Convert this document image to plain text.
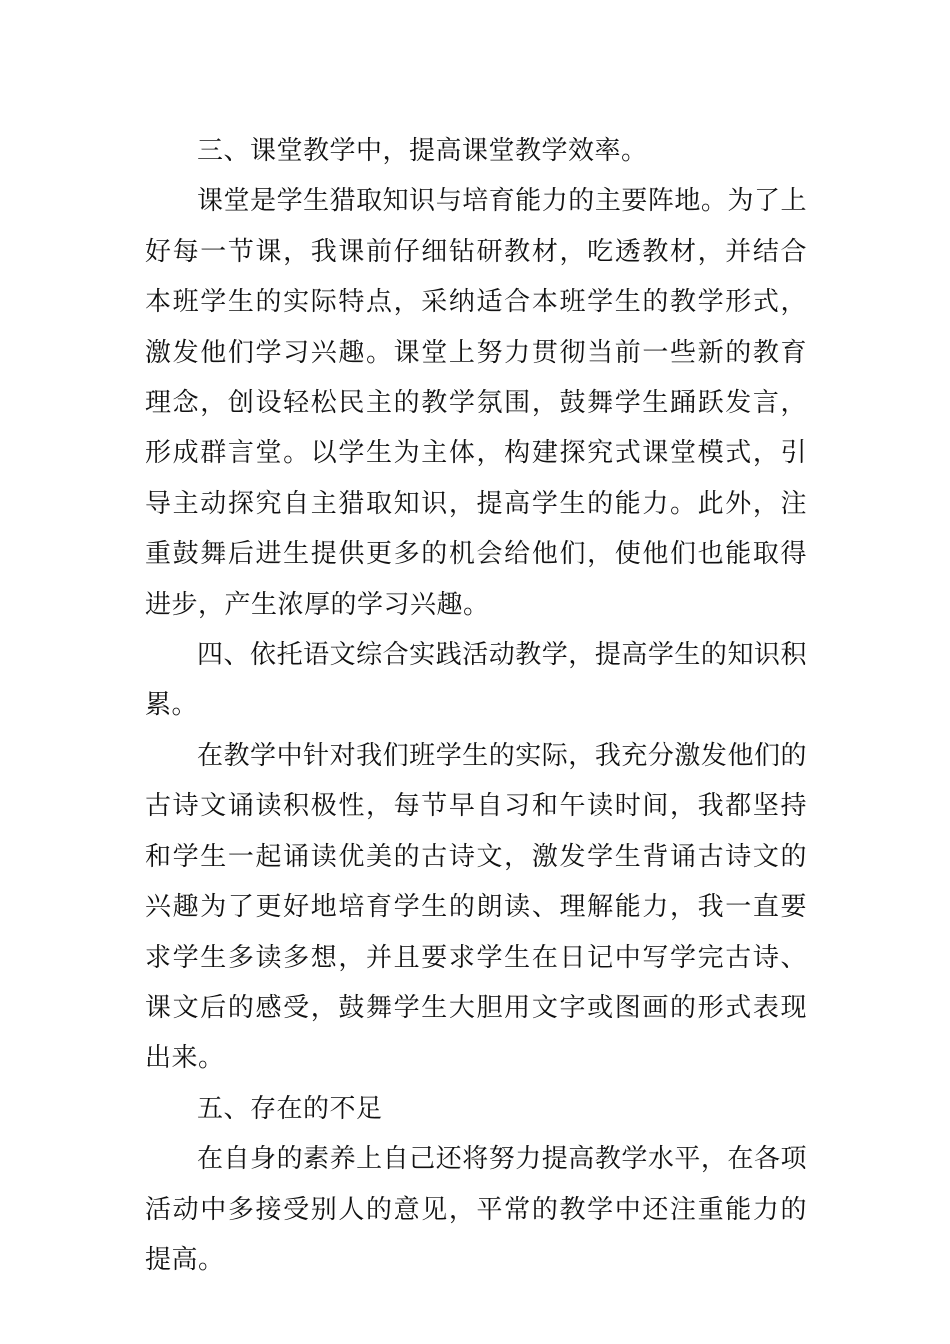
三、课堂教学中，提高课堂教学效率。

课堂是学生猎取知识与培育能力的主要阵地。为了上好每一节课，我课前仔细钻研教材，吃透教材，并结合本班学生的实际特点，采纳适合本班学生的教学形式，激发他们学习兴趣。课堂上努力贯彻当前一些新的教育理念，创设轻松民主的教学氛围，鼓舞学生踊跃发言，形成群言堂。以学生为主体，构建探究式课堂模式，引导主动探究自主猎取知识，提高学生的能力。此外，注重鼓舞后进生提供更多的机会给他们，使他们也能取得进步，产生浓厚的学习兴趣。

四、依托语文综合实践活动教学，提高学生的知识积累。

在教学中针对我们班学生的实际，我充分激发他们的古诗文诵读积极性，每节早自习和午读时间，我都坚持和学生一起诵读优美的古诗文，激发学生背诵古诗文的兴趣为了更好地培育学生的朗读、理解能力，我一直要求学生多读多想，并且要求学生在日记中写学完古诗、课文后的感受，鼓舞学生大胆用文字或图画的形式表现出来。

五、存在的不足

在自身的素养上自己还将努力提高教学水平，在各项活动中多接受别人的意见，平常的教学中还注重能力的提高。
